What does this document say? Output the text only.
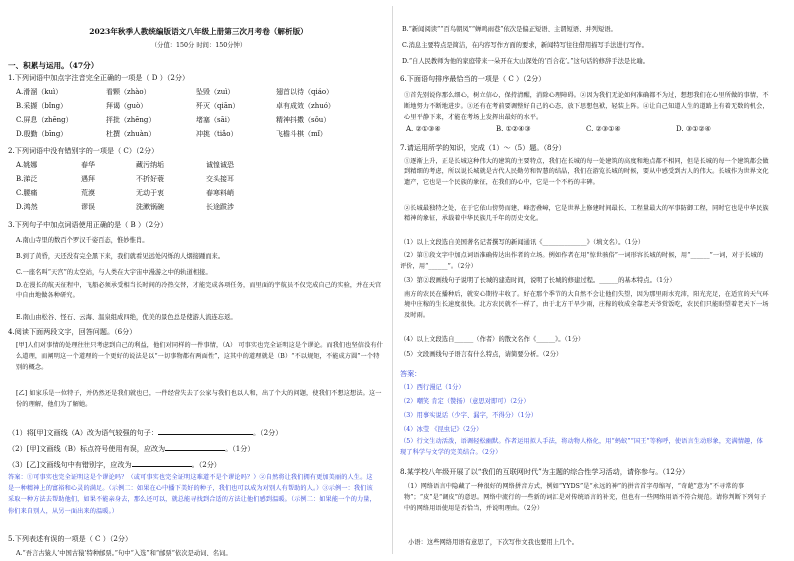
2023年秋季人教统编版语文八年级上册第三次月考卷（解析版）
（分值：150分 时间：150分钟）
一、积累与运用。（47分）
1.下列词语中加点字注音完全正确的一项是（ D ）（2分）
A.滑溜（kuì）	看颗（zhào）	坠毁（zuì）	翅首以待（qiáo）
B.采撷（bǐng）	拜谒（guò）	歼灭（qiān）	卓有成效（zhuó）
C.屏息（zhēng）	抨批（zhēng）	堵塞（sāi）	精神抖擞（sǒu）
D.殷勤（bīng）	杜撰（zhuàn）	冲挑（tiǎo）	飞檐斗棋（mǐ）
2.下列词语中没有错别字的一项是（ C）（2分）
A.姚娜	春华	藏污纳垢	诚惶诚恐
B.涕泛	遇拜	不折好蓑	交头接耳
C.腰痛	荒漠	无动于衷	春寒料峭
D.鸿然	谬误	洗漱锅碗	长途跋涉
3.下列句子中加点词语使用正确的是（ B ）（2分）
A.南山寺里的数百个罗汉千姿百态，惟妙惟肖。
B.到了黄昏，天还没有完全黑下来，我们就看见远处闪烁的人烟接踵而来。
C.一座名叫“天宫”的太空站，与人类在大宇宙中漫游之中的轨道相接。
D.在漫长的航天征程中，飞船必须承受相当长时间的冷热交替，才能完成各项任务，而里面的宇航员不仅完成自己的实验，并在天宫中自由地做各种研究。
E.南山由松谷、怪石、云海、温泉组成四绝，优美的景色总是使游人流连忘返。
4.阅读下面两段文字，回答问题。（6分）
[甲]人们对事情的处理往往只考虑到自己的利益，他们对同样的一件事情，（A） 可事实也完全证明这是个谬论。而我们也坚信没有什么道理，而阐明这一个道理的一个更好的说法是以“一切事物都有两面性”，这其中的道理就是（B）“不以规矩，不能成方圆”一个特别的概念。
[乙] 如家乐是一位特子，并仍然还是我们就也已，一件经营失去了公家与我们也以人和，出了个大的问题，使我们不想这想法。这一份的理解，他们为了解她。
（1）将[甲]文画线（A）改为语气较强的句子：	。（2分）
（2）[甲]文画线（B）标点符号使用有误，应改为	。（1分）
（3）[乙]文画线句中有错别字，应改为	。（2分）
答案：①可事实也完全证明这是个谬论吗？（或可事实也完全证明这难道不是个谬论吗？）②自然将让我们拥有更加美丽的人生。这是一种精神上的富裕和心灵的满足。（示例二：如果在心中播下美好的种子，我们也可以成为对别人有帮助的人。）③示例一：我们该采取一种方法去帮助他们，如果不能亲身去，那么还可以，就总能寻找到合适的方法让他们感到温暖。（示例二：如果能一个的力量，你们来自别人，从另一面出来的温暖。）
5.下列表述有误的一项是（ C ）（2分）
A.“吾言古猿人‘中国古猿’特种邮票。”句中“入选”和“邮票”依次是动词、名词。
B.“新闻阅读”“百鸟朝凤”“蝉鸣雨巷”依次是偏正短语、主谓短语、并列短语。
C.消息主要特点是简洁，在内容写作方面的要求，新闻特写往往借用描写手法进行写作。
D.“自人民教师为他的家庭带来一朵开在大山深处的‘百合花’。”这句话的修辞手法是比喻。
6.下面语句排序最恰当的一项是（ C ）（2分）
①首先别说你那么细心，树立信心，保持清醒，消除心理障碍。②因为我们无论如何准确都不为过，想想我们在心里所做的事情，不断地努力不断地进步。③还有在考前要调整好自己的心态，放下思想包袱，轻装上阵。④让自己知道人生的道路上有着无数的机会，心里平静下来，才能在考场上发挥出最好的水平。
A. ②①③④	B. ①②④③	C. ②③①④	D. ③①②④
7.请运用所学的知识，完成（1）～（5）题。（8分）
①逐渐上升，正是长城这种伟大的建筑的主要特点，我们在长城的每一处建筑的高度和地点都不相同，但是长城的每一个建筑都会做到精细的考虑，所以说长城就是古代人民勤劳和智慧的结晶，我们在游览长城的时候，要从中感受到古人的伟大。长城作为世界文化遗产，它也是一个民族的象征，在我们的心中，它是一个不朽的丰碑。
②长城最独特之处，在于它依山傍势而建，峰峦叠嶂，它是世界上修建时间最长、工程量最大的军事防御工程，同时它也是中华民族精神的象征，承载着中华民族几千年的历史文化。
（1）以上文段选自美国著名记者撰写的新闻通讯《______________》（填文名）。（1分）
（2）第①段文字中加点词语准确传达出作者的立场。例如作者在用“惊世骇俗”一词形容长城的时候，用“______”一词，对于长城的评价，用“______”。（2分）
（3）第②段画线句子说明了长城的建造时间，说明了长城的修建过程。______的基本特点。（1分）
南方的农民在播种后，就安心期待丰收了。好在那个季节的大自然不会让他们失望，因为那里雨水充沛，阳光充足，在适宜的天气环境中庄稼的生长速度很快。北方农民就不一样了，由于北方干旱少雨，庄稼的收成全靠老天爷赏饭吃，农民们只能盼望着老天下一场及时雨。
（4）以上文段选自______（作者）的散文名作《______》。（1分）
（5）文段画线句子语言有什么特点，请简要分析。（2分）
答案：
（1）西行漫记（1分）
（2）嘲笑 肯定（赞扬）（意思对即可）（2分）
（3）用事实说话（少字、漏字，不得分）（1分）
（4）冰莹 《昆虫记》（2分）
（5）行文生动活泼，语调轻松幽默。作者运用拟人手法，将动物人格化，用“蚂蚁”“国王”等称呼，使语言生动形象，充满情趣，体现了科学与文学的完美结合。（2分）
8.某学校八年级开展了以“我们的互联网时代”为主题的综合性学习活动，请你参与。（12分）
（1）网络语言中隐藏了一种很好的网络拼音方式，例如“YYDS”是“永远的神”的拼音首字母缩写，“奇葩”意为“不寻常的事物”；“皮”是“调皮”的意思。网络中流行的一些新的词汇是对传统语言的补充，但也有一些网络用语不符合规范。请你判断下列句子中的网络用语使用是否恰当，并说明理由。（2分）
小语：这些网络用语有意思了，下次写作文我也要用上几个。
